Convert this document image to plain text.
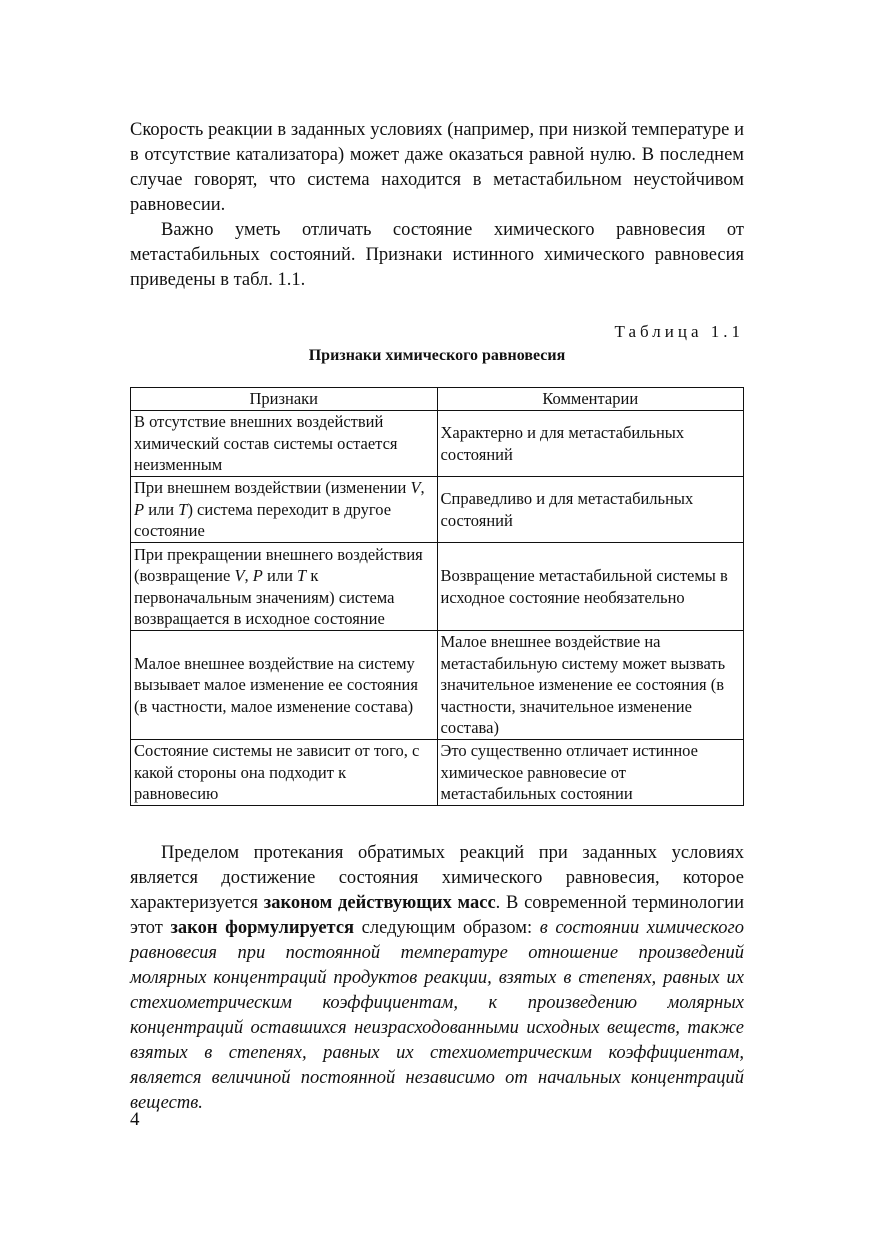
Скорость реакции в заданных условиях (например, при низкой температуре и в отсутствие катализатора) может даже оказаться равной нулю. В последнем случае говорят, что система находится в метастабильном неустойчивом равновесии.

Важно уметь отличать состояние химического равновесия от метастабильных состояний. Признаки истинного химического равновесия приведены в табл. 1.1.

Таблица 1.1
Признаки химического равновесия
Признаки	Комментарии
В отсутствие внешних воздействий химический состав системы остается неизменным	Характерно и для метастабильных состояний
При внешнем воздействии (изменении V, P или T) система переходит в другое состояние	Справедливо и для метастабильных состояний
При прекращении внешнего воздействия (возвращение V, P или T к первоначальным значениям) система возвращается в исходное состояние	Возвращение метастабильной системы в исходное состояние необязательно
Малое внешнее воздействие на систему вызывает малое изменение ее состояния (в частности, малое изменение состава)	Малое внешнее воздействие на метастабильную систему может вызвать значительное изменение ее состояния (в частности, значительное изменение состава)
Состояние системы не зависит от того, с какой стороны она подходит к равновесию	Это существенно отличает истинное химическое равновесие от метастабильных состоянии

Пределом протекания обратимых реакций при заданных условиях является достижение состояния химического равновесия, которое характеризуется законом действующих масс. В современной терминологии этот закон формулируется следующим образом: в состоянии химического равновесия при постоянной температуре отношение произведений молярных концентраций продуктов реакции, взятых в степенях, равных их стехиометрическим коэффициентам, к произведению молярных концентраций оставшихся неизрасходованными исходных веществ, также взятых в степенях, равных их стехиометрическим коэффициентам, является величиной постоянной независимо от начальных концентраций веществ.

4
